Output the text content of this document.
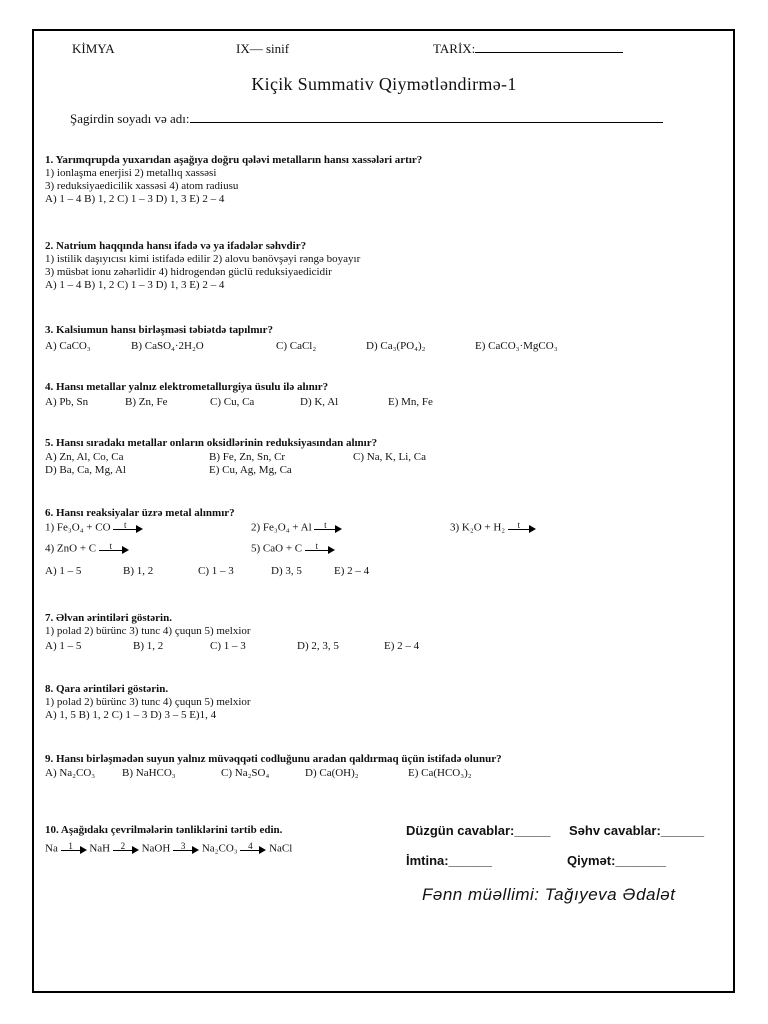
KİMYA	IX— sinif	TARİX:
Kiçik Summativ Qiymətləndirmə-1
Şagirdin soyadı və adı:
1. Yarımqrupda yuxarıdan aşağıya doğru qələvi metalların hansı xassələri artır?
1) ionlaşma enerjisi 2) metallıq xassəsi
3) reduksiyaedicilik xassəsi 4) atom radiusu
A) 1 – 4 B) 1, 2 C) 1 – 3 D) 1, 3 E) 2 – 4
2. Natrium haqqında hansı ifadə və ya ifadələr səhvdir?
1) istilik daşıyıcısı kimi istifadə edilir 2) alovu bənövşəyi rəngə boyayır
3) müsbət ionu zəhərlidir 4) hidrogendən güclü reduksiyaedicidir
A) 1 – 4 B) 1, 2 C) 1 – 3 D) 1, 3 E) 2 – 4
3. Kalsiumun hansı birləşməsi təbiətdə tapılmır?
A) CaCO₃	B) CaSO₄·2H₂O	C) CaCl₂	D) Ca₃(PO₄)₂	E) CaCO₃·MgCO₃
4. Hansı metallar yalnız elektrometallurgiya üsulu ilə alınır?
A) Pb, Sn	B) Zn, Fe	C) Cu, Ca	D) K, Al	E) Mn, Fe
5. Hansı sıradakı metallar onların oksidlərinin reduksiyasından alınır?
A) Zn, Al, Co, Ca	B) Fe, Zn, Sn, Cr	C) Na, K, Li, Ca
D) Ba, Ca, Mg, Al	E) Cu, Ag, Mg, Ca
6. Hansı reaksiyalar üzrə metal alınmır?
1) Fe₃O₄ + CO	t	2) Fe₃O₄ + Al	t	3) K₂O + H₂	t
4) ZnO + C	t	5) CaO + C	t
A) 1 – 5	B) 1, 2	C) 1 – 3	D) 3, 5	E) 2 – 4
7. Əlvan ərintiləri göstərin.
1) polad 2) bürünc 3) tunc 4) çuqun 5) melxior
A) 1 – 5	B) 1, 2	C) 1 – 3	D) 2, 3, 5	E) 2 – 4
8. Qara ərintiləri göstərin.
1) polad 2) bürünc 3) tunc 4) çuqun 5) melxior
A) 1, 5 B) 1, 2 C) 1 – 3 D) 3 – 5 E)1, 4
9. Hansı birləşmədən suyun yalnız müvəqqəti codluğunu aradan qaldırmaq üçün istifadə olunur?
A) Na₂CO₃ B) NaHCO₃	C) Na₂SO₄	D) Ca(OH)₂	E) Ca(HCO₃)₂
10. Aşağıdakı çevrilmələrin tənliklərini tərtib edin.
Na	1	NaH	2	NaOH	3	Na₂CO₃	4	NaCl
Düzgün cavablar:_____ Səhv cavablar:______
İmtina:______	Qiymət:_______
Fənn müəllimi: Tağıyeva Ədalət
